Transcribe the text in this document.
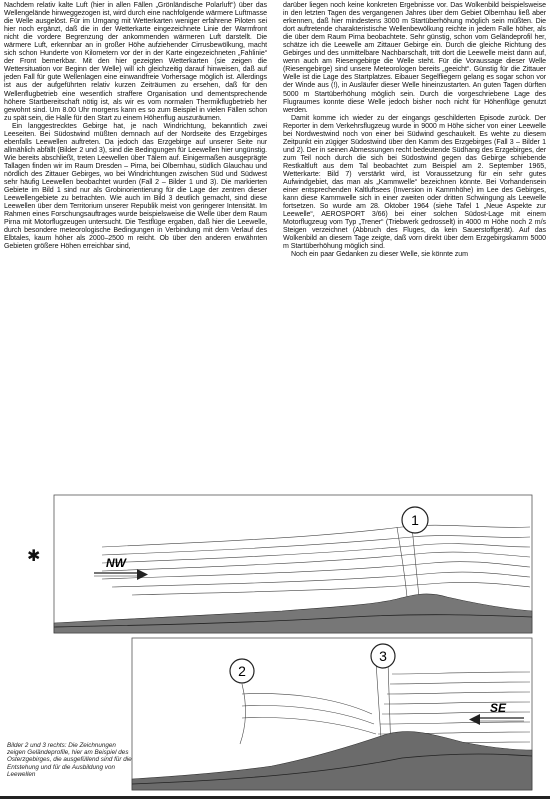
Nachdem relativ kalte Luft (hier in allen Fällen „Grönländische Polarluft“) über das Wellengelände hinweggezogen ist, wird durch eine nachfolgende wärmere Luftmasse die Welle ausgelöst. Für im Umgang mit Wetterkarten weniger erfahrene Piloten sei hier noch ergänzt, daß die in der Wetterkarte eingezeichnete Linie der Warmfront nicht die vordere Begrenzung der ankommenden wärmeren Luft darstellt. Die wärmere Luft, erkennbar an in großer Höhe aufziehender Cirrusbewölkung, macht sich schon Hunderte von Kilometern vor der in der Karte eingezeichneten „Fahlinie“ der Front bemerkbar. Mit den hier gezeigten Wetterkarten (sie zeigen die Wettersituation vor Beginn der Welle) will ich gleichzeitig darauf hinweisen, daß auf jeden Fall für gute Wellenlagen eine einwandfreie Vorhersage möglich ist. Allerdings ist aus der aufgeführten relativ kurzen Zeiträumen zu ersehen, daß für den Wellenflugbetrieb eine wesentlich straffere Organisation und dementsprechende höhere Startbereitschaft nötig ist, als wir es vom normalen Thermikflugbetrieb her gewohnt sind. Um 8.00 Uhr morgens kann es so zum Beispiel in vielen Fällen schon zu spät sein, die Halle für den Start zu einem Höhenflug auszuräumen.

Ein langgestrecktes Gebirge hat, je nach Windrichtung, bekanntlich zwei Leeseiten. Bei Südostwind müßten demnach auf der Nordseite des Erzgebirges ebenfalls Leewellen auftreten. Da jedoch das Erzgebirge auf unserer Seite nur allmählich abfällt (Bilder 2 und 3), sind die Bedingungen für Leewellen hier ungünstig. Wie bereits abschließt, treten Leewellen über Tälern auf. Einigermaßen ausgeprägte Tallagen finden wir im Raum Dresden – Pirna, bei Olbernhau, südlich Glauchau und nördlich des Zittauer Gebirges, wo bei Windrichtungen zwischen Süd und Südwest sehr häufig Leewellen beobachtet wurden (Fall 2 – Bilder 1 und 3). Die markierten Gebiete im Bild 1 sind nur als Grobinorientierung für die Lage der zentren dieser Leewellengebiete zu betrachten. Wie auch im Bild 3 deutlich gemacht, sind diese Leewellen über dem Territorium unserer Republik meist von geringerer Intensität. Im Rahmen eines Forschungsauftrages wurde beispielsweise die Welle über dem Raum Pirna mit Motorflugzeugen untersucht. Die Testflüge ergaben, daß hier die Leewelle, durch besondere meteorologische Bedingungen in Verbindung mit dem Verlauf des Elbtales, kaum höher als 2000–2500 m reicht. Ob über den anderen erwähnten Gebieten größere Höhen erreichbar sind,

darüber liegen noch keine konkreten Ergebnisse vor. Das Wolkenbild beispielsweise in den letzten Tagen des vergangenen Jahres über dem Gebiet Olbernhau ließ aber erkennen, daß hier mindestens 3000 m Startüberhöhung möglich sein müßten. Die dort auftretende charakteristische Wellenbewölkung reichte in jedem Falle höher, als die über dem Raum Pirna beobachtete. Sehr günstig, schon vom Geländeprofil her, schätze ich die Leewelle am Zittauer Gebirge ein. Durch die gleiche Richtung des Gebirges und des unmittelbare Nachbarschaft, tritt dort die Leewelle meist dann auf, wenn auch am Riesengebirge die Welle steht. Für die Voraussage dieser Welle (Riesengebirge) sind unsere Meteorologen bereits „geeicht“. Günstig für die Zittauer Welle ist die Lage des Startplatzes. Eibauer Segelfliegern gelang es sogar schon vor der Winde aus (!), in Ausläufer dieser Welle hineinzustarten. An guten Tagen dürften 5000 m Startüberhöhung möglich sein. Durch die vorgeschriebene Lage des Flugraumes konnte diese Welle jedoch bisher noch nicht für Höhenflüge genutzt werden.

Damit komme ich wieder zu der eingangs geschilderten Episode zurück. Der Reporter in dem Verkehrsflugzeug wurde in 9000 m Höhe sicher von einer Leewelle bei Nordwestwind noch von einer bei Südwind geschaukelt. Es wehte zu diesem Zeitpunkt ein zügiger Südostwind über den Kamm des Erzgebirges (Fall 3 – Bilder 1 und 2). Der in seinen Abmessungen recht bedeutende Südhang des Erzgebirges, der zum Teil noch durch die sich bei Südostwind gegen das Gebirge schiebende Restkaltluft aus dem Tal beobachtet zum Beispiel am 2. September 1965, Wetterkarte: Bild 7) verstärkt wird, ist Voraussetzung für ein sehr gutes Aufwindgebiet, das man als „Kammwelle“ bezeichnen könnte. Bei Vorhandensein einer entsprechenden Kaltluftsees (Inversion in Kammhöhe) im Lee des Gebirges, kann diese Kammwelle sich in einer zweiten oder dritten Schwingung als Leewelle fortsetzen. So wurde am 28. Oktober 1964 (siehe Tafel 1 „Neue Aspekte zur Leewelle“, AEROSPORT 3/66) bei einer solchen Südost-Lage mit einem Motorflugzeug vom Typ „Trener“ (Triebwerk gedrosselt) in 4000 m Höhe noch 2 m/s Steigen verzeichnet (Abbruch des Fluges, da kein Sauerstoffgerät). Auf das Wolkenbild an diesem Tage zeigte, daß vorn direkt über dem Erzgebirgskamm 5000 m Startüberhöhung möglich sind.

Noch ein paar Gedanken zu dieser Welle, sie könnte zum

✱
1
NW
2
3
SE
Bilder 2 und 3 rechts: Die Zeichnungen zeigen Geländeprofile, hier am Beispiel des Osterzgebirges, die ausgefüllend sind für die Entstehung und für die Ausbildung von Leewellen
